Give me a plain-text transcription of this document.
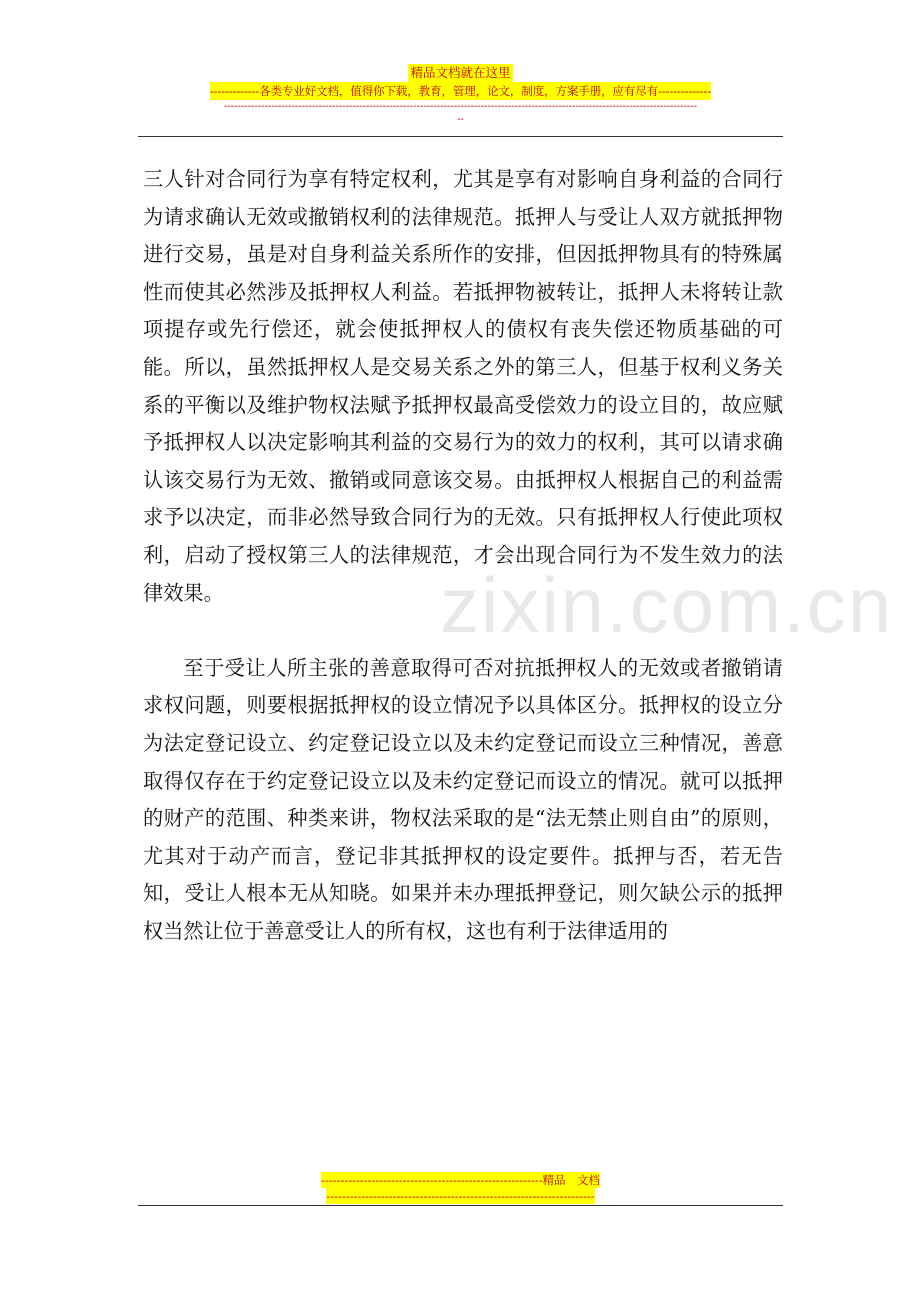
精品文档就在这里
-------------各类专业好文档，值得你下载，教育，管理，论文，制度，方案手册，应有尽有--------------
--------------------------------------------------------------------------------------------------------------------------------------------
--
zixin.com.cn

三人针对合同行为享有特定权利，尤其是享有对影响自身利益的合同行为请求确认无效或撤销权利的法律规范。抵押人与受让人双方就抵押物进行交易，虽是对自身利益关系所作的安排，但因抵押物具有的特殊属性而使其必然涉及抵押权人利益。若抵押物被转让，抵押人未将转让款项提存或先行偿还，就会使抵押权人的债权有丧失偿还物质基础的可能。所以，虽然抵押权人是交易关系之外的第三人，但基于权利义务关系的平衡以及维护物权法赋予抵押权最高受偿效力的设立目的，故应赋予抵押权人以决定影响其利益的交易行为的效力的权利，其可以请求确认该交易行为无效、撤销或同意该交易。由抵押权人根据自己的利益需求予以决定，而非必然导致合同行为的无效。只有抵押权人行使此项权利，启动了授权第三人的法律规范，才会出现合同行为不发生效力的法律效果。

至于受让人所主张的善意取得可否对抗抵押权人的无效或者撤销请求权问题，则要根据抵押权的设立情况予以具体区分。抵押权的设立分为法定登记设立、约定登记设立以及未约定登记而设立三种情况，善意取得仅存在于约定登记设立以及未约定登记而设立的情况。就可以抵押的财产的范围、种类来讲，物权法采取的是“法无禁止则自由”的原则，尤其对于动产而言，登记非其抵押权的设定要件。抵押与否，若无告知，受让人根本无从知晓。如果并未办理抵押登记，则欠缺公示的抵押权当然让位于善意受让人的所有权，这也有利于法律适用的

---------------------------------------------------------精品　文档
---------------------------------------------------------------------
